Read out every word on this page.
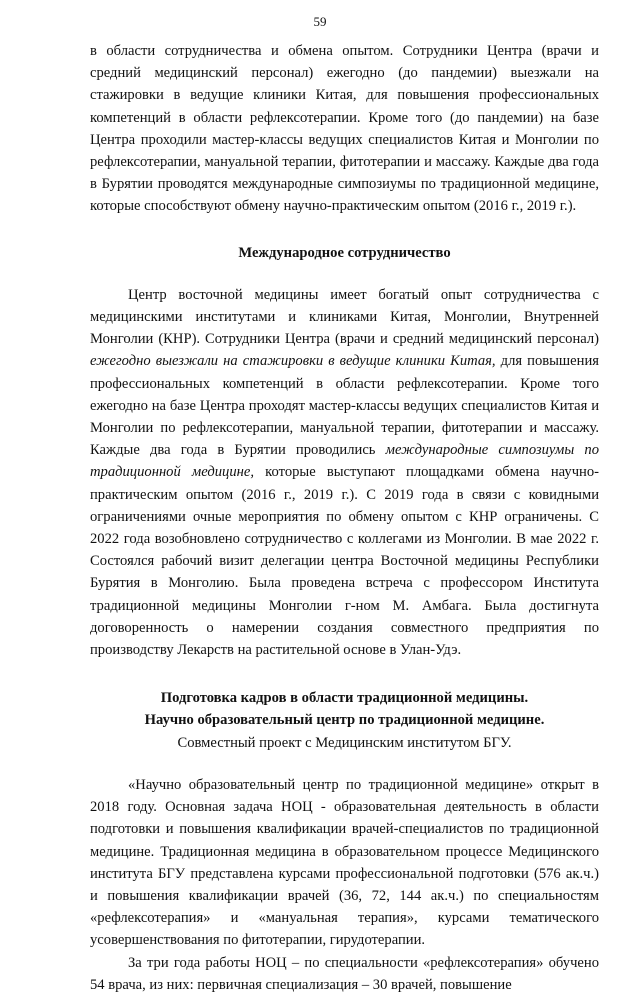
59

в области сотрудничества и обмена опытом. Сотрудники Центра (врачи и средний медицинский персонал) ежегодно (до пандемии) выезжали на стажировки в ведущие клиники Китая, для повышения профессиональных компетенций в области рефлексотерапии. Кроме того (до пандемии) на базе Центра проходили мастер-классы ведущих специалистов Китая и Монголии по рефлексотерапии, мануальной терапии, фитотерапии и массажу. Каждые два года в Бурятии проводятся международные симпозиумы по традиционной медицине, которые способствуют обмену научно-практическим опытом (2016 г., 2019 г.).

Международное сотрудничество

Центр восточной медицины имеет богатый опыт сотрудничества с медицинскими институтами и клиниками Китая, Монголии, Внутренней Монголии (КНР). Сотрудники Центра (врачи и средний медицинский персонал) ежегодно выезжали на стажировки в ведущие клиники Китая, для повышения профессиональных компетенций в области рефлексотерапии. Кроме того ежегодно на базе Центра проходят мастер-классы ведущих специалистов Китая и Монголии по рефлексотерапии, мануальной терапии, фитотерапии и массажу. Каждые два года в Бурятии проводились международные симпозиумы по традиционной медицине, которые выступают площадками обмена научно-практическим опытом (2016 г., 2019 г.). С 2019 года в связи с ковидными ограничениями очные мероприятия по обмену опытом с КНР ограничены. С 2022 года возобновлено сотрудничество с коллегами из Монголии. В мае 2022 г. Состоялся рабочий визит делегации центра Восточной медицины Республики Бурятия в Монголию. Была проведена встреча с профессором Института традиционной медицины Монголии г-ном М. Амбага. Была достигнута договоренность о намерении создания совместного предприятия по производству Лекарств на растительной основе в Улан-Удэ.

Подготовка кадров в области традиционной медицины.

Научно образовательный центр по традиционной медицине.

Совместный проект с Медицинским институтом БГУ.

«Научно образовательный центр по традиционной медицине» открыт в 2018 году. Основная задача НОЦ - образовательная деятельность в области подготовки и повышения квалификации врачей-специалистов по традиционной медицине. Традиционная медицина в образовательном процессе Медицинского института БГУ представлена курсами профессиональной подготовки (576 ак.ч.) и повышения квалификации врачей (36, 72, 144 ак.ч.) по специальностям «рефлексотерапия» и «мануальная терапия», курсами тематического усовершенствования по фитотерапии, гирудотерапии.

За три года работы НОЦ – по специальности «рефлексотерапия» обучено 54 врача, из них: первичная специализация – 30 врачей, повышение
